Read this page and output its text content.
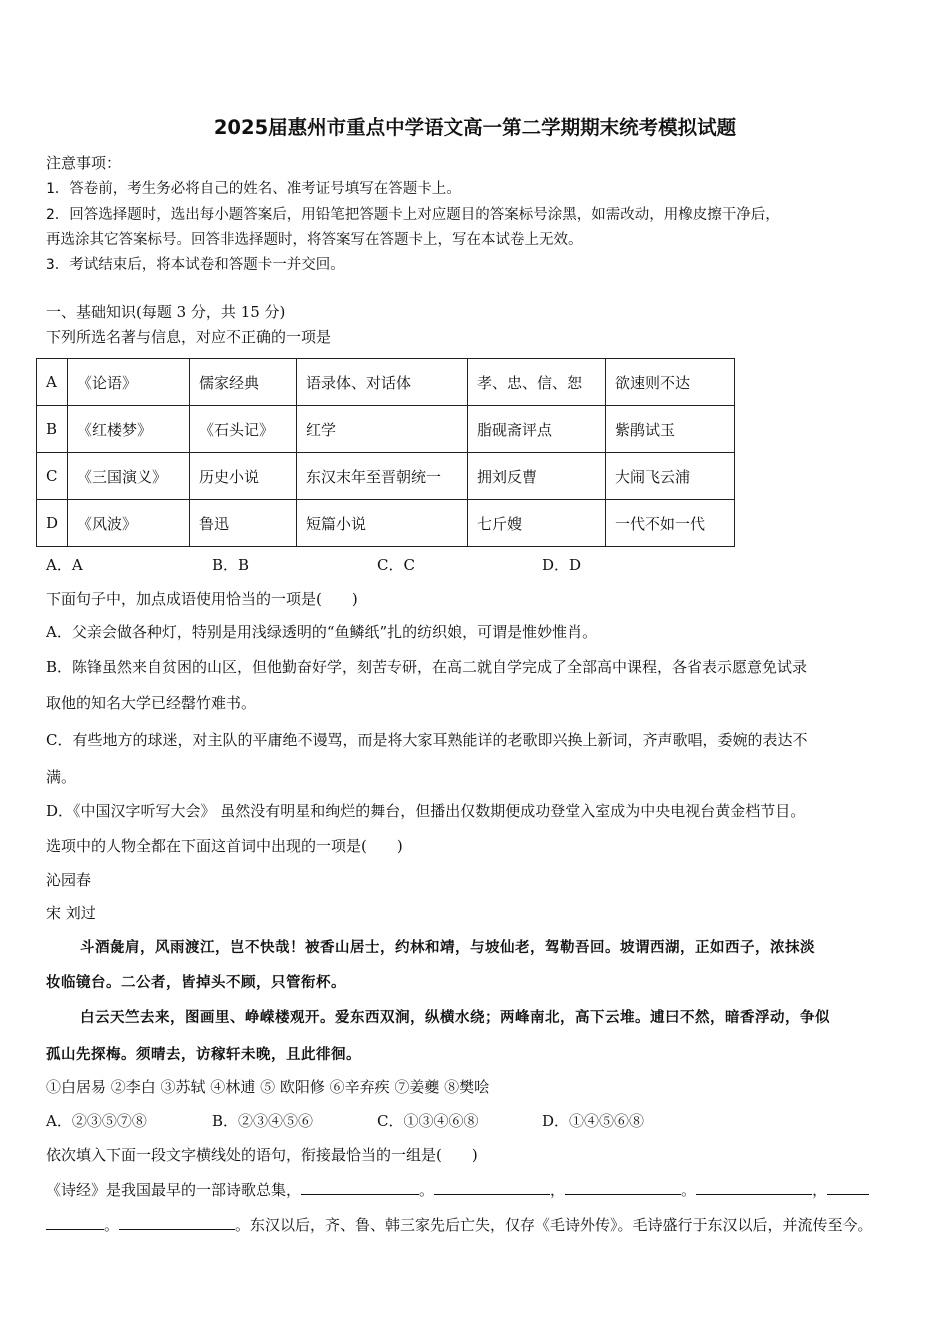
2025届惠州市重点中学语文高一第二学期期末统考模拟试题
注意事项：
1．答卷前，考生务必将自己的姓名、准考证号填写在答题卡上。
2．回答选择题时，选出每小题答案后，用铅笔把答题卡上对应题目的答案标号涂黑，如需改动，用橡皮擦干净后，
再选涂其它答案标号。回答非选择题时，将答案写在答题卡上，写在本试卷上无效。
3．考试结束后，将本试卷和答题卡一并交回。
一、基础知识(每题 3 分，共 15 分)
下列所选名著与信息，对应不正确的一项是
A	《论语》	儒家经典	语录体、对话体	孝、忠、信、恕	欲速则不达
B	《红楼梦》	《石头记》	红学	脂砚斋评点	紫鹃试玉
C	《三国演义》	历史小说	东汉末年至晋朝统一	拥刘反曹	大闹飞云浦
D	《风波》	鲁迅	短篇小说	七斤嫂	一代不如一代
A．A	B．B	C．C	D．D
下面句子中，加点成语使用恰当的一项是(　　)
A．父亲会做各种灯，特别是用浅绿透明的“鱼鳞纸”扎的纺织娘，可谓是惟妙惟肖。
B．陈锋虽然来自贫困的山区，但他勤奋好学，刻苦专研，在高二就自学完成了全部高中课程，各省表示愿意免试录
取他的知名大学已经罄竹难书。
C．有些地方的球迷，对主队的平庸绝不谩骂，而是将大家耳熟能详的老歌即兴换上新词，齐声歌唱，委婉的表达不
满。
D．《中国汉字听写大会》 虽然没有明星和绚烂的舞台，但播出仅数期便成功登堂入室成为中央电视台黄金档节目。
选项中的人物全都在下面这首词中出现的一项是(　　)
沁园春
宋 刘过
斗酒彘肩，风雨渡江，岂不快哉！被香山居士，约林和靖，与坡仙老，驾勒吾回。坡谓西湖，正如西子，浓抹淡
妆临镜台。二公者，皆掉头不顾，只管衔杯。
白云天竺去来，图画里、峥嵘楼观开。爱东西双涧，纵横水绕；两峰南北，高下云堆。逋曰不然，暗香浮动，争似
孤山先探梅。须晴去，访稼轩未晚，且此徘徊。
①白居易 ②李白 ③苏轼 ④林逋 ⑤ 欧阳修 ⑥辛弃疾 ⑦姜夔 ⑧樊哙
A．②③⑤⑦⑧	B．②③④⑤⑥	C．①③④⑥⑧	D．①④⑤⑥⑧
依次填入下面一段文字横线处的语句，衔接最恰当的一组是(　　)
《诗经》是我国最早的一部诗歌总集，	。	，	。	，
。	。东汉以后，齐、鲁、韩三家先后亡失，仅存《毛诗外传》。毛诗盛行于东汉以后，并流传至今。
